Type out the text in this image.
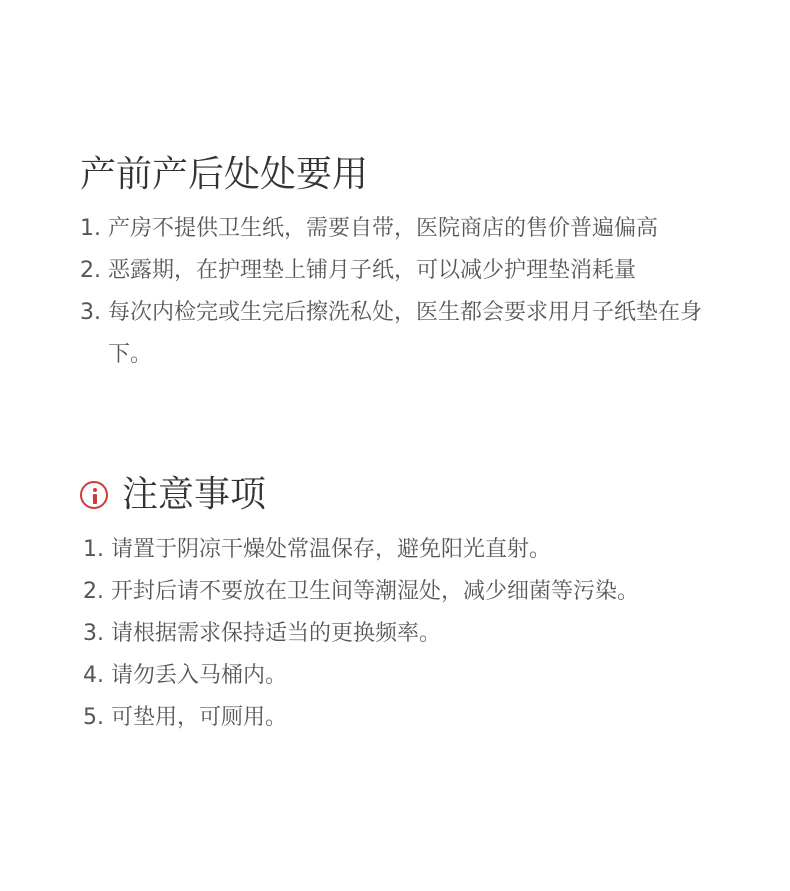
产前产后处处要用
1. 产房不提供卫生纸，需要自带，医院商店的售价普遍偏高
2. 恶露期，在护理垫上铺月子纸，可以减少护理垫消耗量
3. 每次内检完或生完后擦洗私处，医生都会要求用月子纸垫在身下。
注意事项
1. 请置于阴凉干燥处常温保存，避免阳光直射。
2. 开封后请不要放在卫生间等潮湿处，减少细菌等污染。
3. 请根据需求保持适当的更换频率。
4. 请勿丢入马桶内。
5. 可垫用，可厕用。
